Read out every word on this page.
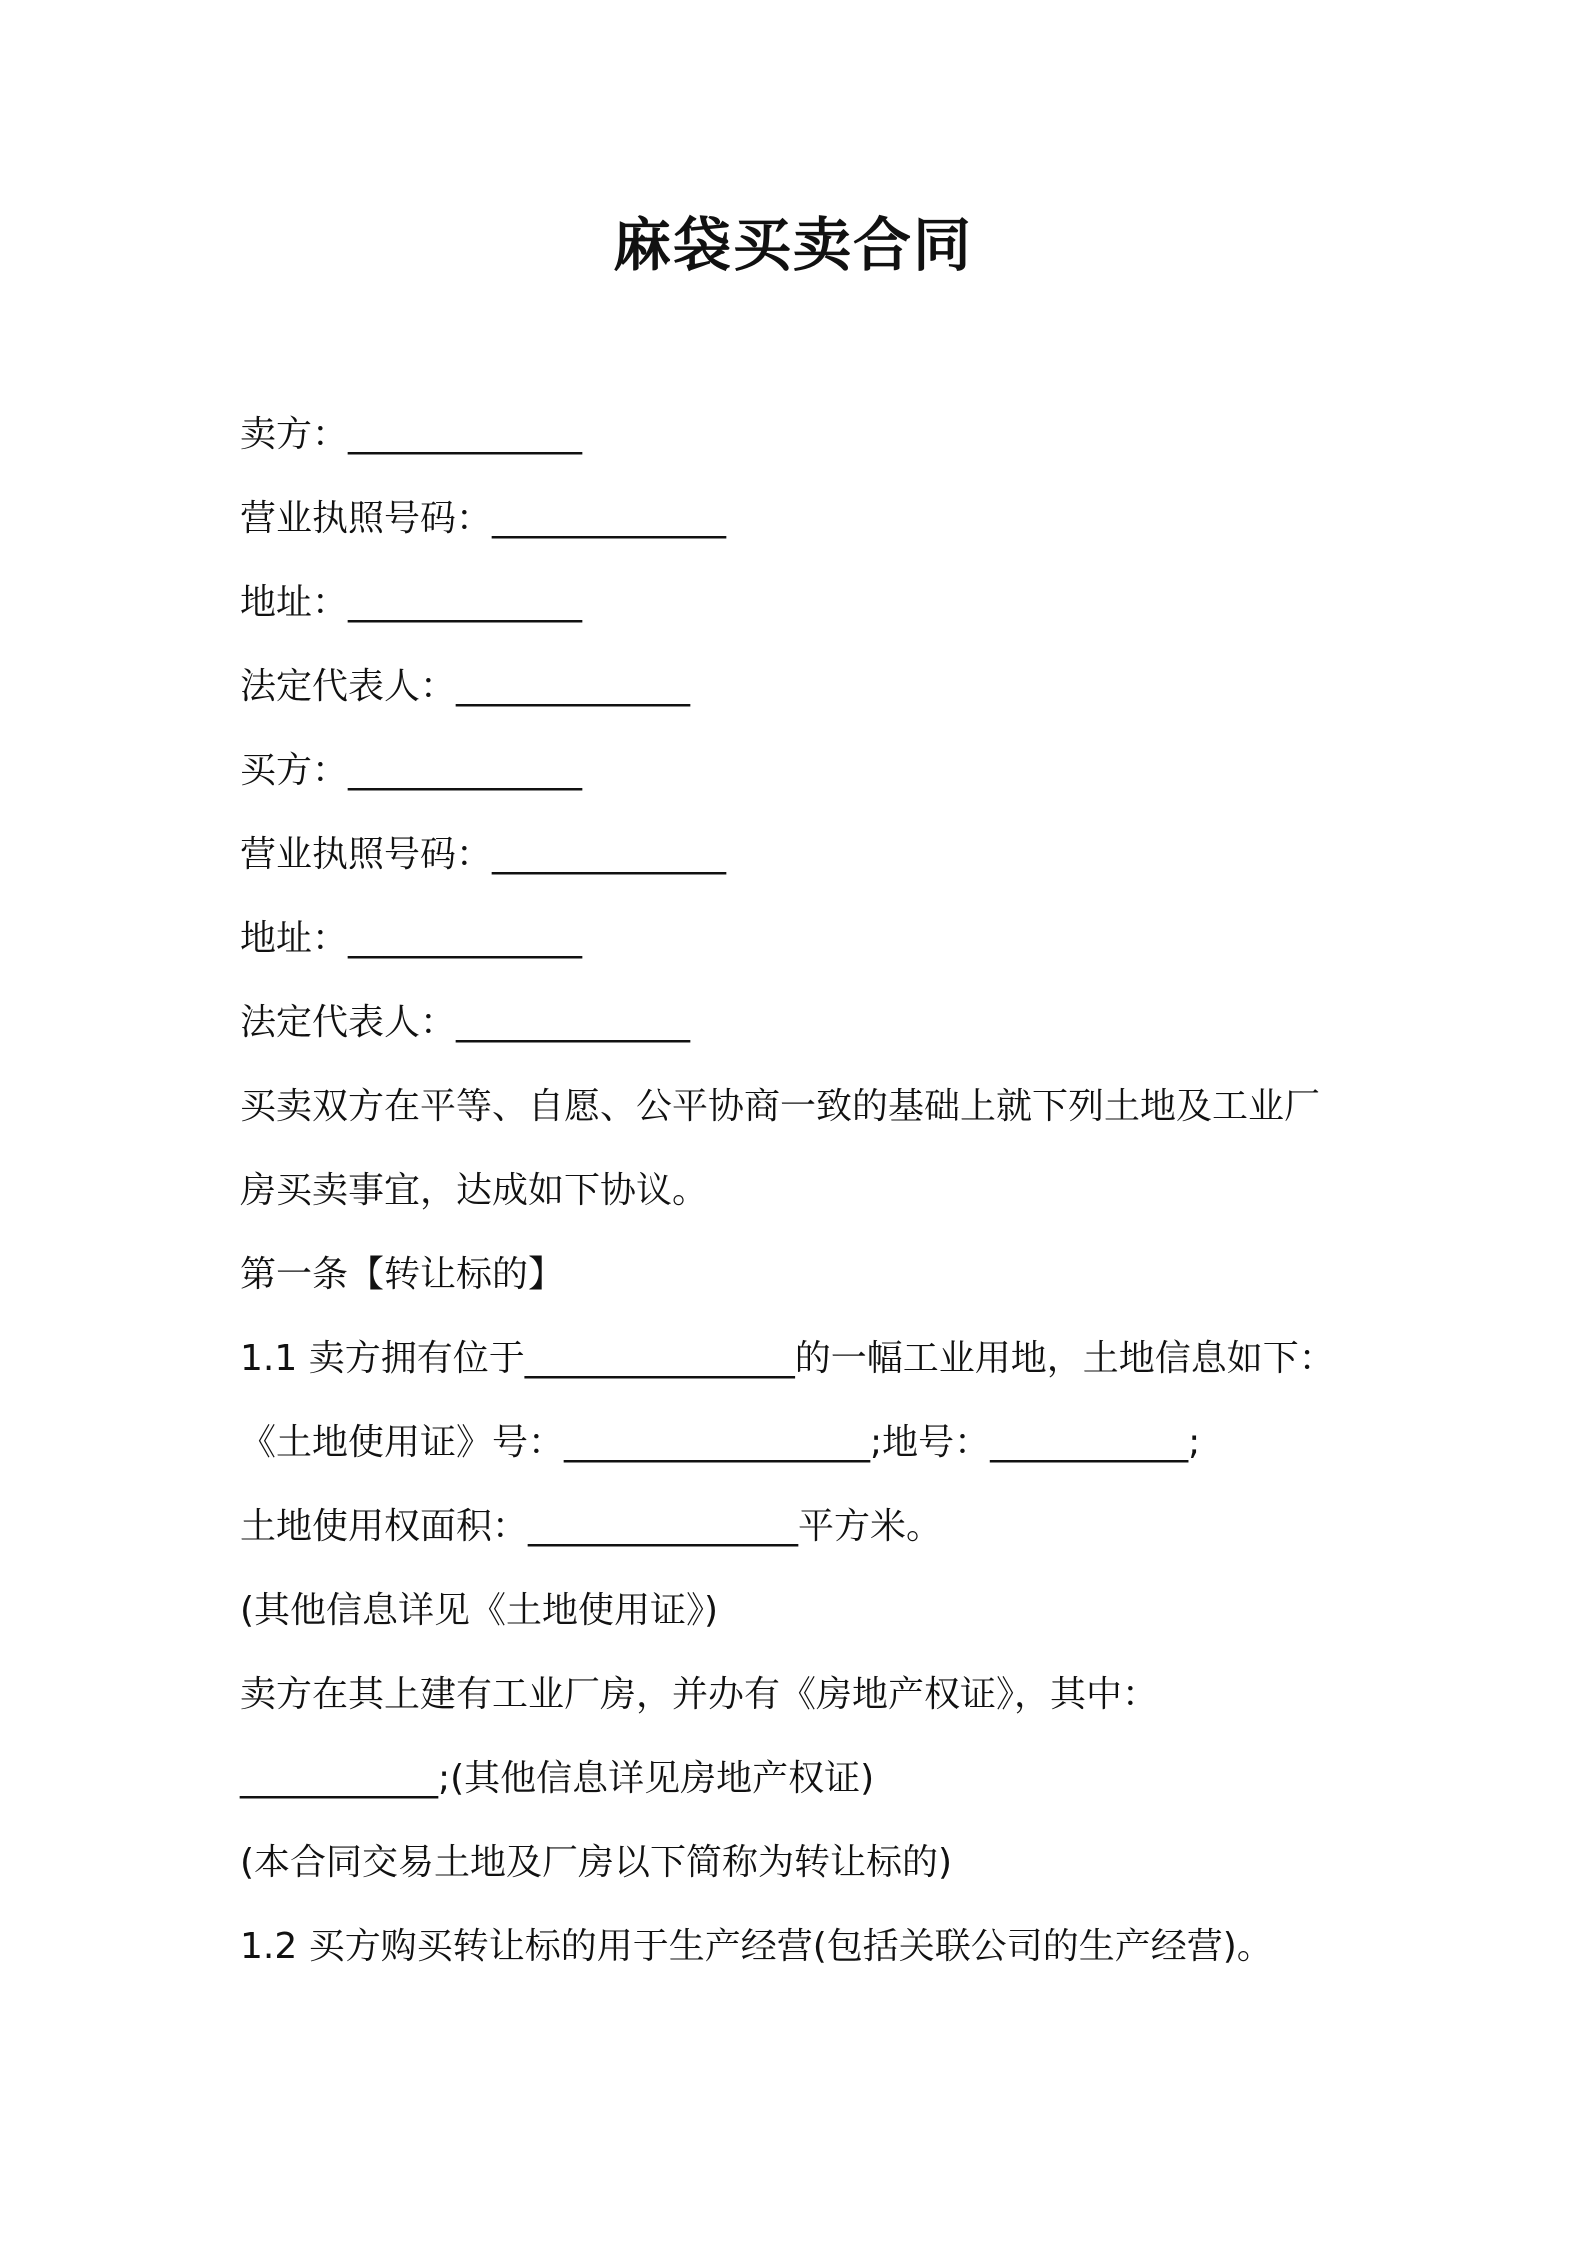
麻袋买卖合同
卖方：_____________
营业执照号码：_____________
地址：_____________
法定代表人：_____________
买方：_____________
营业执照号码：_____________
地址：_____________
法定代表人：_____________
买卖双方在平等、自愿、公平协商一致的基础上就下列土地及工业厂
房买卖事宜，达成如下协议。
第一条【转让标的】
1.1 卖方拥有位于_______________的一幅工业用地，土地信息如下：
《土地使用证》号：_________________;地号：___________;
土地使用权面积：_______________平方米。
(其他信息详见《土地使用证》)
卖方在其上建有工业厂房，并办有《房地产权证》，其中：
___________;(其他信息详见房地产权证)
(本合同交易土地及厂房以下简称为转让标的)
1.2 买方购买转让标的用于生产经营(包括关联公司的生产经营)。
